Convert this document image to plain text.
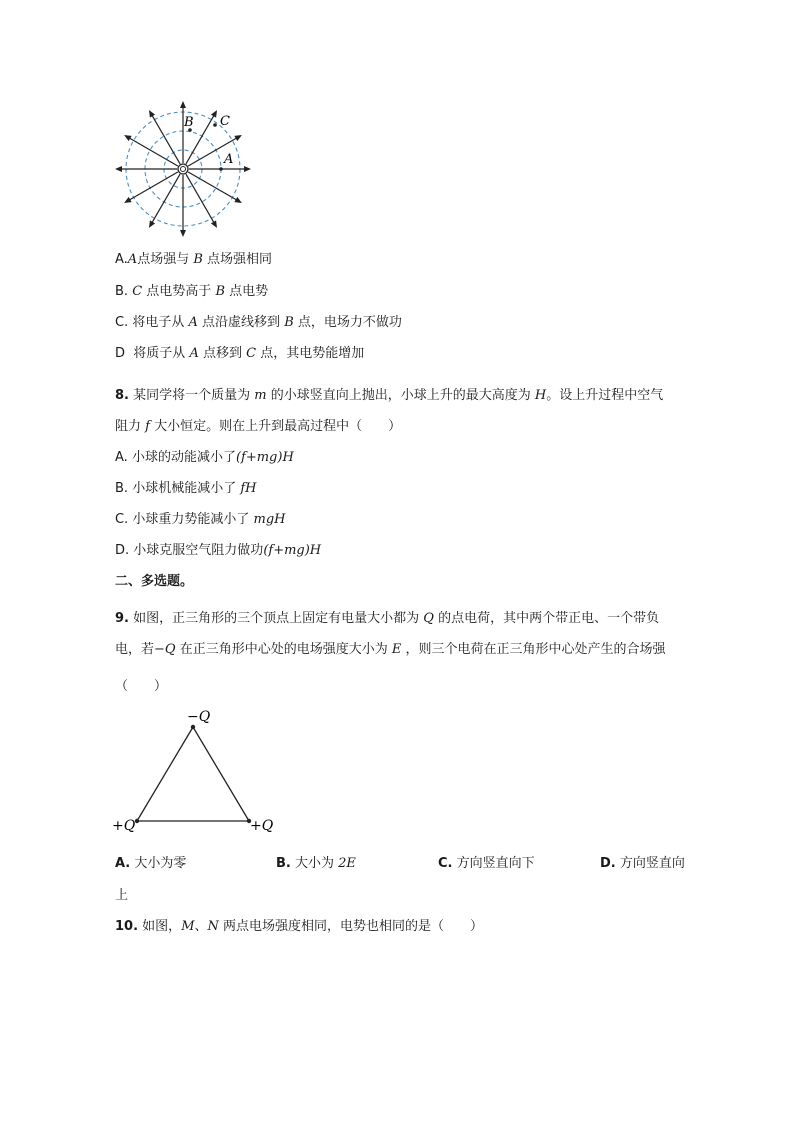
B C
A
A.A点场强与 B 点场强相同
B. C 点电势高于 B 点电势
C. 将电子从 A 点沿虚线移到 B 点，电场力不做功
D 将质子从 A 点移到 C 点，其电势能增加
8. 某同学将一个质量为 m 的小球竖直向上抛出，小球上升的最大高度为 H。设上升过程中空气
阻力 f 大小恒定。则在上升到最高过程中（　　）
A. 小球的动能减小了(f+mg)H
B. 小球机械能减小了 fH
C. 小球重力势能减小了 mgH
D. 小球克服空气阻力做功(f+mg)H
二、多选题。
9. 如图，正三角形的三个顶点上固定有电量大小都为 Q 的点电荷，其中两个带正电、一个带负
电，若−Q 在正三角形中心处的电场强度大小为 E ，则三个电荷在正三角形中心处产生的合场强
（　　）
−Q
+Q	+Q
A. 大小为零	B. 大小为 2E	C. 方向竖直向下	D. 方向竖直向
上
10. 如图，M、N 两点电场强度相同，电势也相同的是（　　）
